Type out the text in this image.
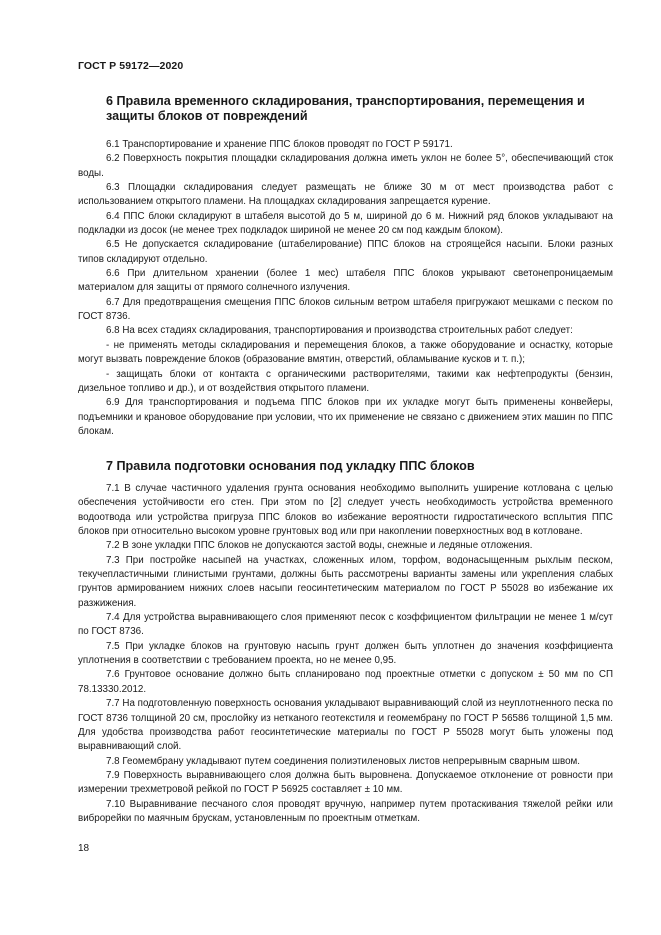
ГОСТ Р 59172—2020
6 Правила временного складирования, транспортирования, перемещения и защиты блоков от повреждений

6.1 Транспортирование и хранение ППС блоков проводят по ГОСТ Р 59171.

6.2 Поверхность покрытия площадки складирования должна иметь уклон не более 5°, обеспечивающий сток воды.

6.3 Площадки складирования следует размещать не ближе 30 м от мест производства работ с использованием открытого пламени. На площадках складирования запрещается курение.

6.4 ППС блоки складируют в штабеля высотой до 5 м, шириной до 6 м. Нижний ряд блоков укладывают на подкладки из досок (не менее трех подкладок шириной не менее 20 см под каждым блоком).

6.5 Не допускается складирование (штабелирование) ППС блоков на строящейся насыпи. Блоки разных типов складируют отдельно.

6.6 При длительном хранении (более 1 мес) штабеля ППС блоков укрывают светонепроницаемым материалом для защиты от прямого солнечного излучения.

6.7 Для предотвращения смещения ППС блоков сильным ветром штабеля пригружают мешками с песком по ГОСТ 8736.

6.8 На всех стадиях складирования, транспортирования и производства строительных работ следует:

- не применять методы складирования и перемещения блоков, а также оборудование и оснастку, которые могут вызвать повреждение блоков (образование вмятин, отверстий, обламывание кусков и т. п.);

- защищать блоки от контакта с органическими растворителями, такими как нефтепродукты (бензин, дизельное топливо и др.), и от воздействия открытого пламени.

6.9 Для транспортирования и подъема ППС блоков при их укладке могут быть применены конвейеры, подъемники и крановое оборудование при условии, что их применение не связано с движением этих машин по ППС блокам.

7 Правила подготовки основания под укладку ППС блоков

7.1 В случае частичного удаления грунта основания необходимо выполнить уширение котлована с целью обеспечения устойчивости его стен. При этом по [2] следует учесть необходимость устройства временного водоотвода или устройства пригруза ППС блоков во избежание вероятности гидростатического всплытия ППС блоков при относительно высоком уровне грунтовых вод или при накоплении поверхностных вод в котловане.

7.2 В зоне укладки ППС блоков не допускаются застой воды, снежные и ледяные отложения.

7.3 При постройке насыпей на участках, сложенных илом, торфом, водонасыщенным рыхлым песком, текучепластичными глинистыми грунтами, должны быть рассмотрены варианты замены или укрепления слабых грунтов армированием нижних слоев насыпи геосинтетическим материалом по ГОСТ Р 55028 во избежание их разжижения.

7.4 Для устройства выравнивающего слоя применяют песок с коэффициентом фильтрации не менее 1 м/сут по ГОСТ 8736.

7.5 При укладке блоков на грунтовую насыпь грунт должен быть уплотнен до значения коэффициента уплотнения в соответствии с требованием проекта, но не менее 0,95.

7.6 Грунтовое основание должно быть спланировано под проектные отметки с допуском ± 50 мм по СП 78.13330.2012.

7.7 На подготовленную поверхность основания укладывают выравнивающий слой из неуплотненного песка по ГОСТ 8736 толщиной 20 см, прослойку из нетканого геотекстиля и геомембрану по ГОСТ Р 56586 толщиной 1,5 мм. Для удобства производства работ геосинтетические материалы по ГОСТ Р 55028 могут быть уложены под выравнивающий слой.

7.8 Геомембрану укладывают путем соединения полиэтиленовых листов непрерывным сварным швом.

7.9 Поверхность выравнивающего слоя должна быть выровнена. Допускаемое отклонение от ровности при измерении трехметровой рейкой по ГОСТ Р 56925 составляет ± 10 мм.

7.10 Выравнивание песчаного слоя проводят вручную, например путем протаскивания тяжелой рейки или виброрейки по маячным брускам, установленным по проектным отметкам.

18
